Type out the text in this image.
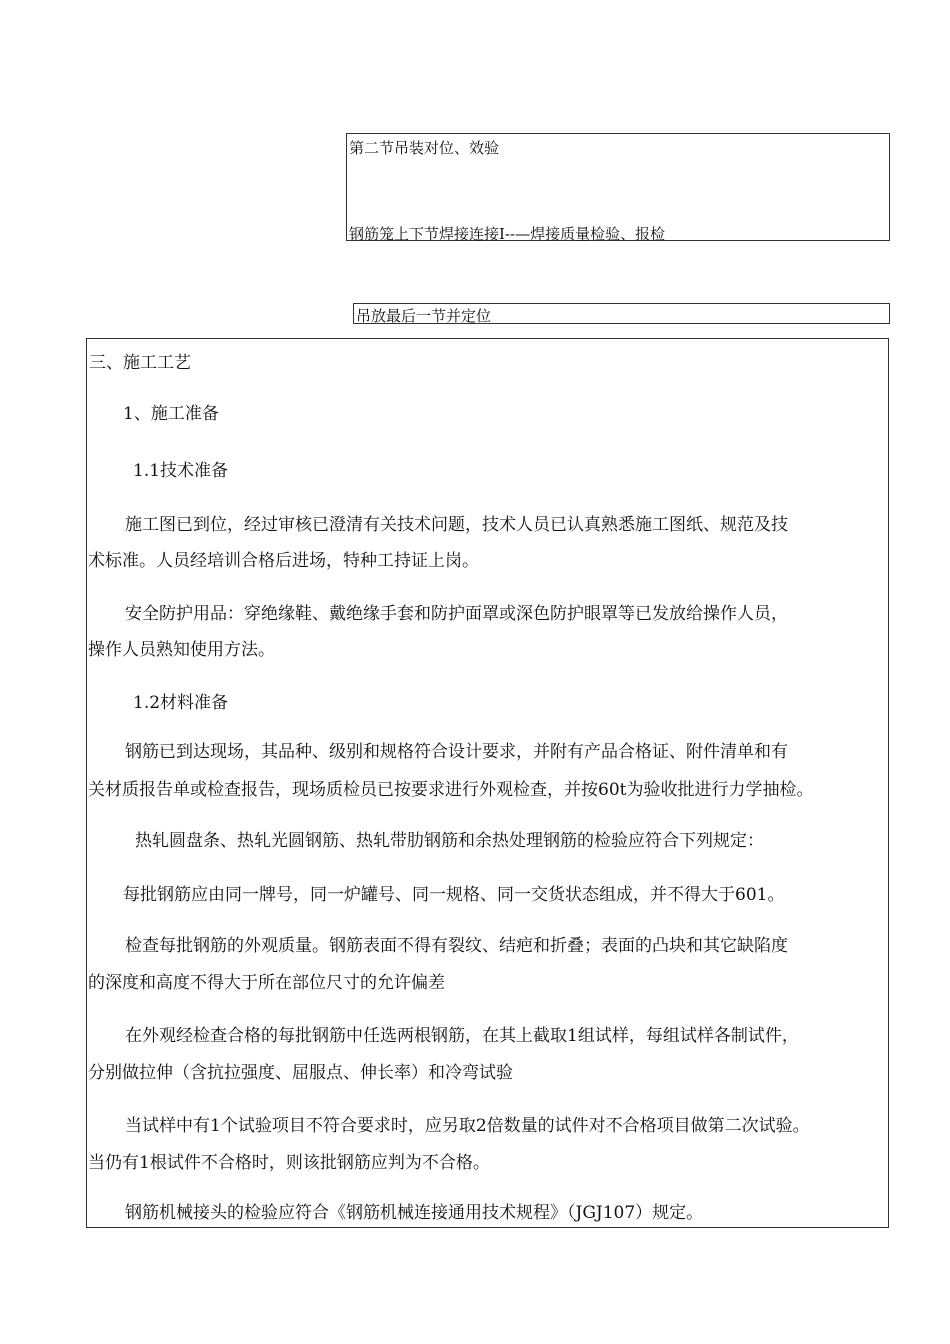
第二节吊装对位、效验
钢筋笼上下节焊接连接Ⅰ--—焊接质量检验、报检
吊放最后一节并定位
三、施工工艺
1、施工准备
1.1技术准备
施工图已到位，经过审核已澄清有关技术问题，技术人员已认真熟悉施工图纸、规范及技
术标准。人员经培训合格后进场，特种工持证上岗。
安全防护用品：穿绝缘鞋、戴绝缘手套和防护面罩或深色防护眼罩等已发放给操作人员，
操作人员熟知使用方法。
1.2材料准备
钢筋已到达现场，其品种、级别和规格符合设计要求，并附有产品合格证、附件清单和有
关材质报告单或检查报告，现场质检员已按要求进行外观检查，并按60t为验收批进行力学抽检。
热轧圆盘条、热轧光圆钢筋、热轧带肋钢筋和余热处理钢筋的检验应符合下列规定：
每批钢筋应由同一牌号，同一炉罐号、同一规格、同一交货状态组成，并不得大于601。
检查每批钢筋的外观质量。钢筋表面不得有裂纹、结疤和折叠；表面的凸块和其它缺陷度
的深度和高度不得大于所在部位尺寸的允许偏差
在外观经检查合格的每批钢筋中任选两根钢筋，在其上截取1组试样，每组试样各制试件，
分别做拉伸（含抗拉强度、屈服点、伸长率）和冷弯试验
当试样中有1个试验项目不符合要求时，应另取2倍数量的试件对不合格项目做第二次试验。
当仍有1根试件不合格时，则该批钢筋应判为不合格。
钢筋机械接头的检验应符合《钢筋机械连接通用技术规程》（JGJ107）规定。
